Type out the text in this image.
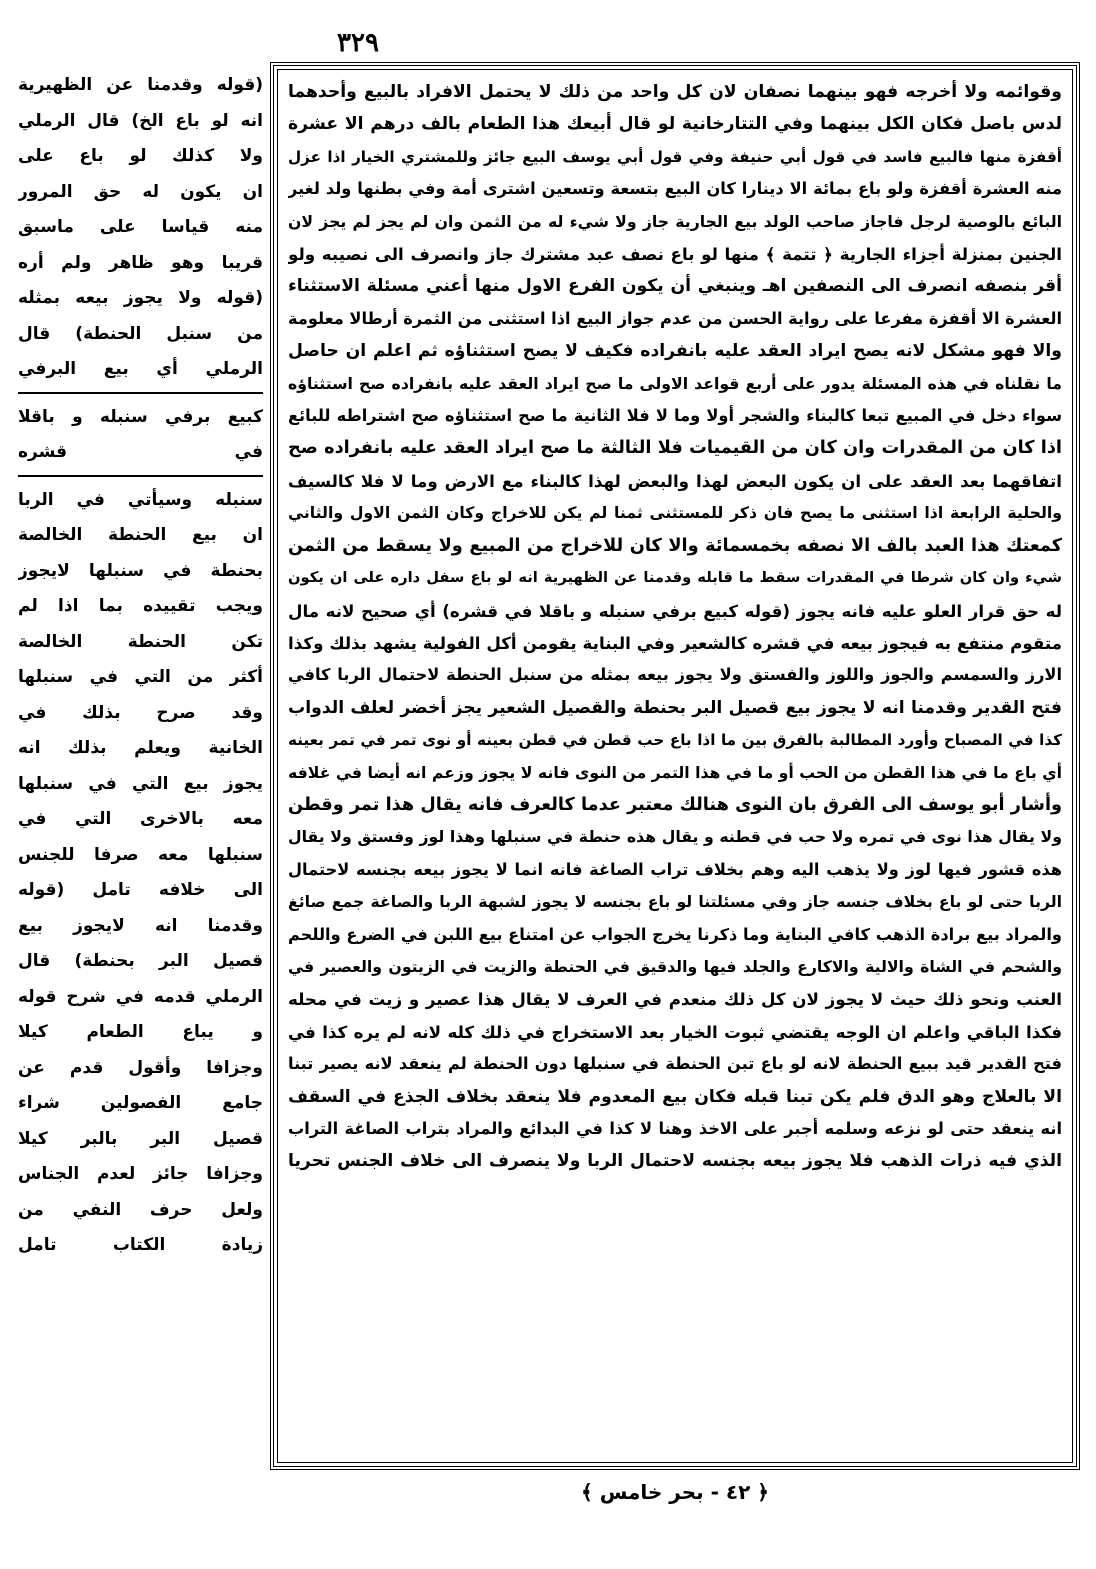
٣٢٩
(قوله وقدمنا عن الظهيرية
انه لو باع الخ) قال الرملي
ولا كذلك لو باع على
ان يكون له حق المرور
منه قياسا على ماسبق
قريبا وهو ظاهر ولم أره
(قوله ولا يجوز بيعه بمثله
من سنبل الحنطة) قال
الرملي أي بيع البرفي
كبيع برفي سنبله و باقلا
في قشره
سنبله وسيأتي في الربا
ان بيع الحنطة الخالصة
بحنطة في سنبلها لايجوز
ويجب تقييده بما اذا لم
تكن الحنطة الخالصة
أكثر من التي في سنبلها
وقد صرح بذلك في
الخانية ويعلم بذلك انه
يجوز بيع التي في سنبلها
معه بالاخرى التي في
سنبلها معه صرفا للجنس
الى خلافه تامل (قوله
وقدمنا انه لايجوز بيع
قصيل البر بحنطة) قال
الرملي قدمه في شرح قوله
و يباع الطعام كيلا
وجزافا وأقول قدم عن
جامع الفصولين شراء
قصيل البر بالبر كيلا
وجزافا جائز لعدم الجناس
ولعل حرف النفي من
زيادة الكتاب تامل
وقوائمه ولا أخرجه فهو بينهما نصفان لان كل واحد من ذلك لا يحتمل الافراد بالبيع وأحدهما
لدس باصل فكان الكل بينهما وفي التتارخانية لو قال أبيعك هذا الطعام بالف درهم الا عشرة
أقفزة منها فالبيع فاسد في قول أبي حنيفة وفي قول أبي يوسف البيع جائز وللمشتري الخيار اذا عزل
منه العشرة أقفزة ولو باع بمائة الا دينارا كان البيع بتسعة وتسعين اشترى أمة وفي بطنها ولد لغير
البائع بالوصية لرجل فاجاز صاحب الولد بيع الجارية جاز ولا شيء له من الثمن وان لم يجز لم يجز لان
الجنين بمنزلة أجزاء الجارية ﴿ تتمة ﴾ منها لو باع نصف عبد مشترك جاز وانصرف الى نصيبه ولو
أقر بنصفه انصرف الى النصفين اهـ وينبغي أن يكون الفرع الاول منها أعني مسئلة الاستثناء
العشرة الا أقفزة مفرعا على رواية الحسن من عدم جواز البيع اذا استثنى من الثمرة أرطالا معلومة
والا فهو مشكل لانه يصح ايراد العقد عليه بانفراده فكيف لا يصح استثناؤه ثم اعلم ان حاصل
ما نقلناه في هذه المسئلة يدور على أربع قواعد الاولى ما صح ايراد العقد عليه بانفراده صح استثناؤه
سواء دخل في المبيع تبعا كالبناء والشجر أولا وما لا فلا الثانية ما صح استثناؤه صح اشتراطه للبائع
اذا كان من المقدرات وان كان من القيميات فلا الثالثة ما صح ايراد العقد عليه بانفراده صح
اتفاقهما بعد العقد على ان يكون البعض لهذا والبعض لهذا كالبناء مع الارض وما لا فلا كالسيف
والحلية الرابعة اذا استثنى ما يصح فان ذكر للمستثنى ثمنا لم يكن للاخراج وكان الثمن الاول والثاني
كمعتك هذا العبد بالف الا نصفه بخمسمائة والا كان للاخراج من المبيع ولا يسقط من الثمن
شيء وان كان شرطا في المقدرات سقط ما قابله وقدمنا عن الظهيرية انه لو باع سفل داره على ان يكون
له حق قرار العلو عليه فانه يجوز (قوله كبيع برفي سنبله و باقلا في قشره) أي صحيح لانه مال
متقوم منتفع به فيجوز بيعه في قشره كالشعير وفي البناية يقومن أكل الفولية يشهد بذلك وكذا
الارز والسمسم والجوز واللوز والفستق ولا يجوز بيعه بمثله من سنبل الحنطة لاحتمال الربا كافي
فتح القدير وقدمنا انه لا يجوز بيع قصيل البر بحنطة والقصيل الشعير يجز أخضر لعلف الدواب
كذا في المصباح وأورد المطالبة بالفرق بين ما اذا باع حب قطن في قطن بعينه أو نوى تمر في تمر بعينه
أي باع ما في هذا القطن من الحب أو ما في هذا التمر من النوى فانه لا يجوز وزعم انه أيضا في غلافه
وأشار أبو يوسف الى الفرق بان النوى هنالك معتبر عدما كالعرف فانه يقال هذا تمر وقطن
ولا يقال هذا نوى في تمره ولا حب في قطنه و يقال هذه حنطة في سنبلها وهذا لوز وفستق ولا يقال
هذه قشور فيها لوز ولا يذهب اليه وهم بخلاف تراب الصاغة فانه انما لا يجوز بيعه بجنسه لاحتمال
الربا حتى لو باع بخلاف جنسه جاز وفي مسئلتنا لو باع بجنسه لا يجوز لشبهة الربا والصاغة جمع صائغ
والمراد بيع برادة الذهب كافي البناية وما ذكرنا يخرج الجواب عن امتناع بيع اللبن في الضرع واللحم
والشحم في الشاة والالية والاكارع والجلد فيها والدقيق في الحنطة والزيت في الزيتون والعصير في
العنب ونحو ذلك حيث لا يجوز لان كل ذلك منعدم في العرف لا يقال هذا عصير و زيت في محله
فكذا الباقي واعلم ان الوجه يقتضي ثبوت الخيار بعد الاستخراج في ذلك كله لانه لم يره كذا في
فتح القدير قيد ببيع الحنطة لانه لو باع تبن الحنطة في سنبلها دون الحنطة لم ينعقد لانه يصير تبنا
الا بالعلاج وهو الدق فلم يكن تبنا قبله فكان بيع المعدوم فلا ينعقد بخلاف الجذع في السقف
انه ينعقد حتى لو نزعه وسلمه أجبر على الاخذ وهنا لا كذا في البدائع والمراد بتراب الصاغة التراب
الذي فيه ذرات الذهب فلا يجوز بيعه بجنسه لاحتمال الربا ولا ينصرف الى خلاف الجنس تحريا
﴿ ٤٢ - بحر خامس ﴾
